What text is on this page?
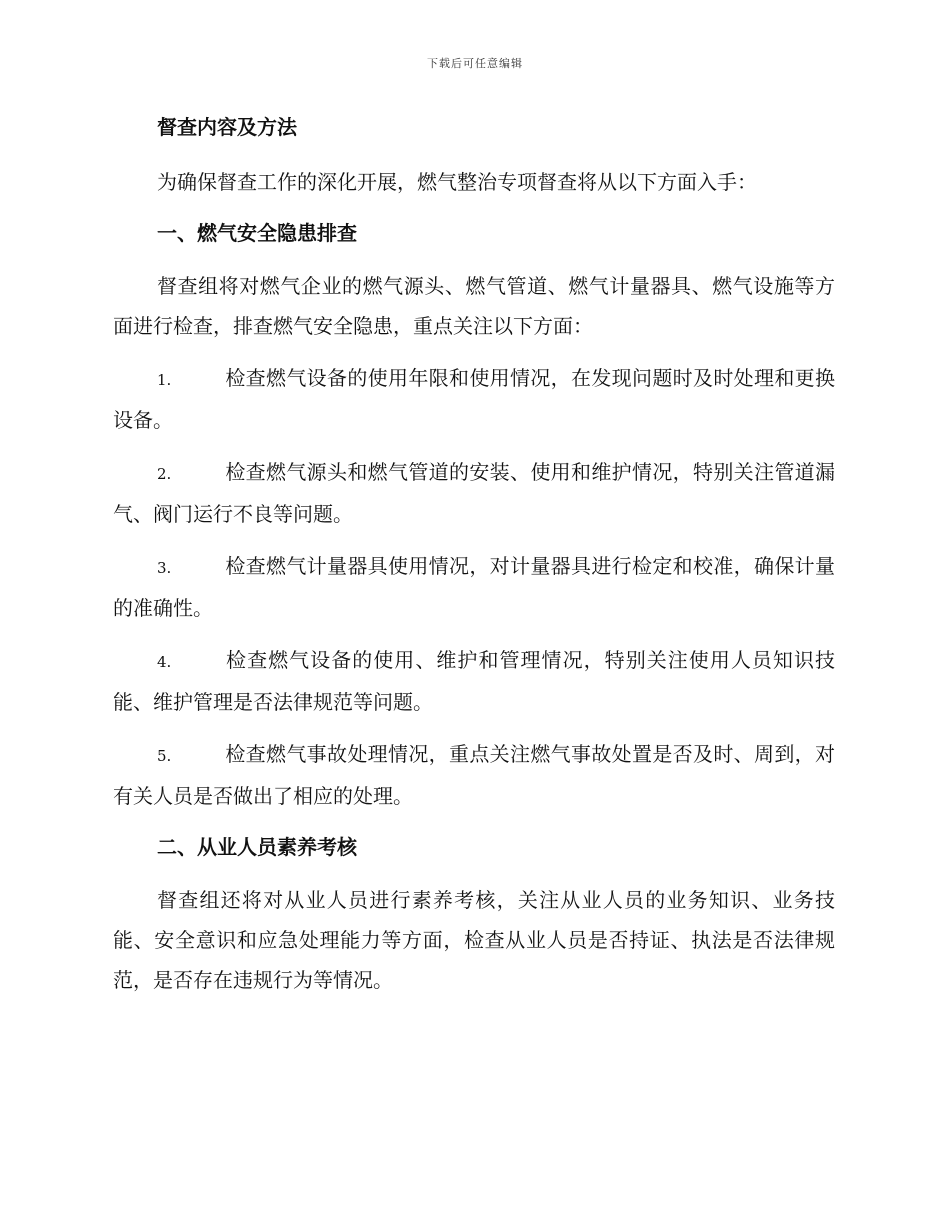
下载后可任意编辑
督查内容及方法

为确保督查工作的深化开展，燃气整治专项督查将从以下方面入手：

一、燃气安全隐患排查

督查组将对燃气企业的燃气源头、燃气管道、燃气计量器具、燃气设施等方面进行检查，排查燃气安全隐患，重点关注以下方面：

1.	检查燃气设备的使用年限和使用情况，在发现问题时及时处理和更换设备。

2.	检查燃气源头和燃气管道的安装、使用和维护情况，特别关注管道漏气、阀门运行不良等问题。

3.	检查燃气计量器具使用情况，对计量器具进行检定和校准，确保计量的准确性。

4.	检查燃气设备的使用、维护和管理情况，特别关注使用人员知识技能、维护管理是否法律规范等问题。

5.	检查燃气事故处理情况，重点关注燃气事故处置是否及时、周到，对有关人员是否做出了相应的处理。

二、从业人员素养考核

督查组还将对从业人员进行素养考核，关注从业人员的业务知识、业务技能、安全意识和应急处理能力等方面，检查从业人员是否持证、执法是否法律规范，是否存在违规行为等情况。
